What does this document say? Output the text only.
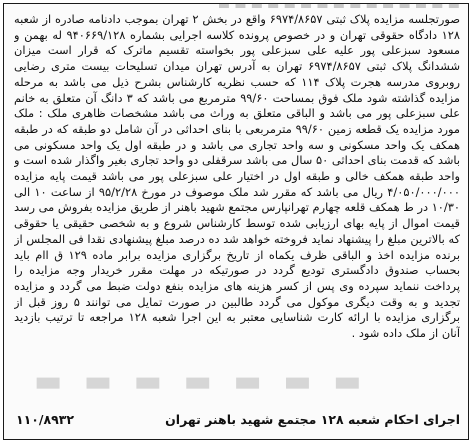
▬ ▬ ▬ ▬ ▬ ▬ ▬ ▬ ▬ ▬ ▬ ▬ ▬ ▬ ▬

صورتجلسه مزایده پلاک ثبتی ۶۹۷۴/۸۶۵۷ واقع در بخش ۲ تهران بموجب دادنامه صادره از شعبه ۱۲۸ دادگاه حقوقی تهران و در خصوص پرونده کلاسه اجرایی بشماره ۹۴۰۶۶۹/۱۲۸ له بهمن و مسعود سبزعلی پور علیه علی سبزعلی پور بخواسته تقسیم ماترک که قرار است میزان ششدانگ پلاک ثبتی ۶۹۷۴/۸۶۵۷ تهران به آدرس تهران میدان تسلیحات بیست متری رضایی روبروی مدرسه هجرت پلاک ۱۱۴ که حسب نظریه کارشناس بشرح ذیل می باشد به مرحله مزایده گذاشته شود ملک فوق بمساحت ۹۹/۶۰ مترمربع می باشد که ۳ دانگ آن متعلق به خانم علی سبزعلی پور می باشد و الباقی متعلق به وراث می باشد مشخصات ظاهری ملک : ملک مورد مزایده یک قطعه زمین ۹۹/۶۰ مترمربعی با بنای احداثی در آن شامل دو طبقه که در طبقه همکف یک واحد مسکونی و سه واحد تجاری می باشد و در طبقه اول یک واحد مسکونی می باشد که قدمت بنای احداثی ۵۰ سال می باشد سرقفلی دو واحد تجاری بغیر واگذار شده است و واحد طبقه همکف خالی و طبقه اول در اختیار علی سبزعلی پور می باشد قیمت پایه مزایده ۴/۰۵۰/۰۰۰/۰۰۰ ریال می باشد که مقرر شد ملک موصوف در مورخ ۹۵/۲/۲۸ از ساعت ۱۰ الی ۱۰/۳۰ در ط همکف قلعه چهارم تهرانپارس مجتمع شهید باهنر از طریق مزایده بفروش می رسد قیمت اموال از پایه بهای ارزیابی شده توسط کارشناس شروع و به شخصی حقیقی یا حقوقی که بالاترین مبلغ را پیشنهاد نماید فروخته خواهد شد ده درصد مبلغ پیشنهادی نقدا فی المجلس از برنده مزایده اخذ و الباقی ظرف یکماه از تاریخ برگزاری مزایده برابر ماده ۱۲۹ ق اام باید بحساب صندوق دادگستری تودیع گردد در صورتیکه در مهلت مقرر خریدار وجه مزایده را پرداخت ننماید سپرده وی پس از کسر هزینه های مزایده بنفع دولت ضبط می گردد و مزایده تجدید و به وقت دیگری موکول می گردد طالبین در صورت تمایل می توانند ۵ روز قبل از برگزاری مزایده با ارائه کارت شناسایی معتبر به این اجرا شعبه ۱۲۸ مراجعه تا ترتیب بازدید آنان از ملک داده شود .

▬ ▬ ▬ ▬ ▬ ▬ ▬
اجرای احکام شعبه ۱۲۸ مجتمع شهید باهنر تهران
۱۱۰/۸۹۳۲
